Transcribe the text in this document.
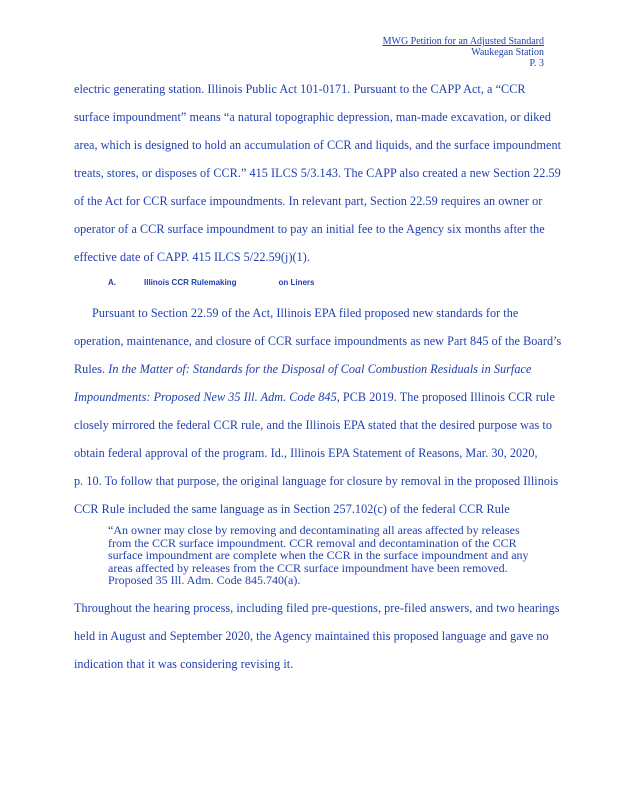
MWG Petition for an Adjusted Standard
Waukegan Station
P. 3
electric generating station. Illinois Public Act 101-0171. Pursuant to the CAPP Act, a “CCR
surface impoundment” means “a natural topographic depression, man-made excavation, or diked
area, which is designed to hold an accumulation of CCR and liquids, and the surface impoundment
treats, stores, or disposes of CCR.” 415 ILCS 5/3.143. The CAPP also created a new Section 22.59
of the Act for CCR surface impoundments. In relevant part, Section 22.59 requires an owner or
operator of a CCR surface impoundment to pay an initial fee to the Agency six months after the
effective date of CAPP. 415 ILCS 5/22.59(j)(1).
A.	Illinois CCR Rulemaking	on Liners
Pursuant to Section 22.59 of the Act, Illinois EPA filed proposed new standards for the
operation, maintenance, and closure of CCR surface impoundments as new Part 845 of the Board’s
Rules. In the Matter of: Standards for the Disposal of Coal Combustion Residuals in Surface
Impoundments: Proposed New 35 Ill. Adm. Code 845, PCB 2019. The proposed Illinois CCR rule
closely mirrored the federal CCR rule, and the Illinois EPA stated that the desired purpose was to
obtain federal approval of the program. Id., Illinois EPA Statement of Reasons, Mar. 30, 2020,
p. 10. To follow that purpose, the original language for closure by removal in the proposed Illinois
CCR Rule included the same language as in Section 257.102(c) of the federal CCR Rule
“An owner may close by removing and decontaminating all areas affected by releases
from the CCR surface impoundment. CCR removal and decontamination of the CCR
surface impoundment are complete when the CCR in the surface impoundment and any
areas affected by releases from the CCR surface impoundment have been removed.
Proposed 35 Ill. Adm. Code 845.740(a).
Throughout the hearing process, including filed pre-questions, pre-filed answers, and two hearings
held in August and September 2020, the Agency maintained this proposed language and gave no
indication that it was considering revising it.
